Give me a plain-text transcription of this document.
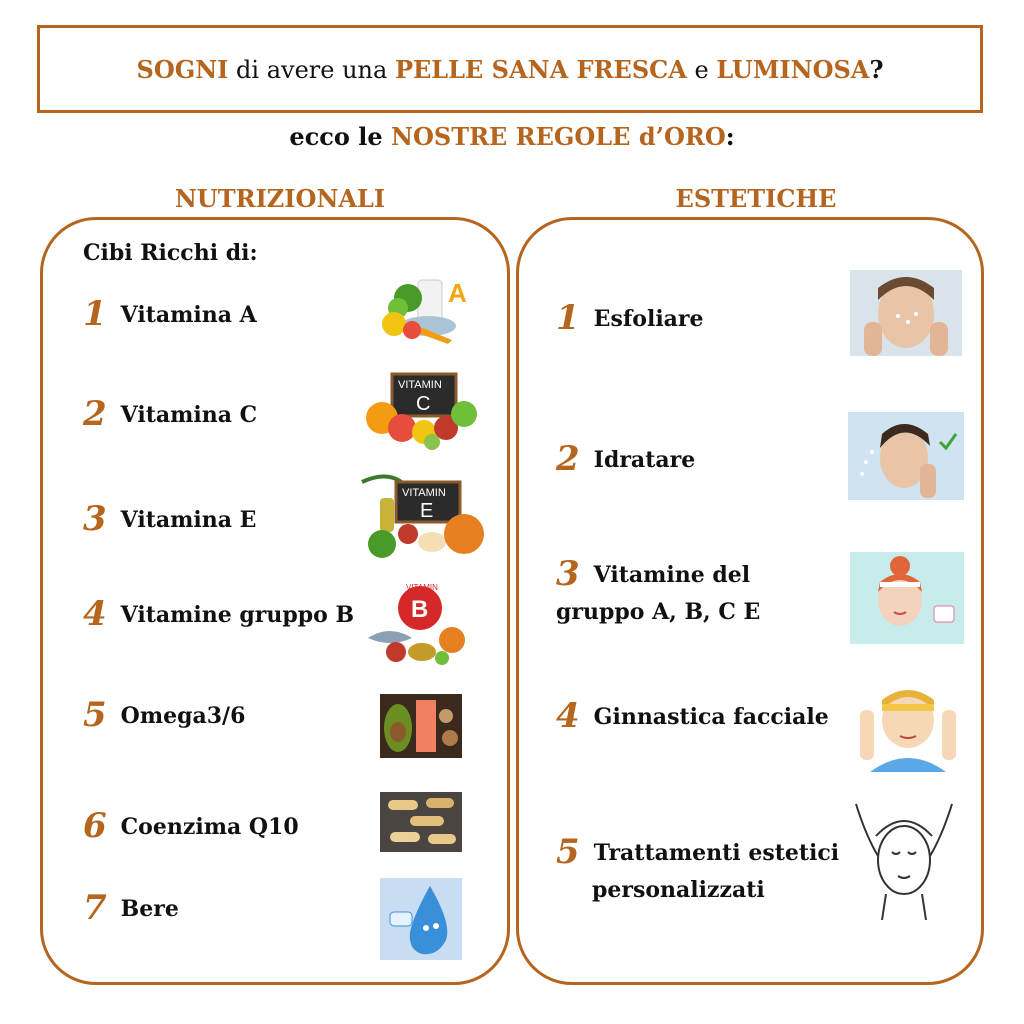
SOGNI di avere una PELLE SANA FRESCA e LUMINOSA?
ecco le NOSTRE REGOLE d’ORO:
NUTRIZIONALI	ESTETICHE
Cibi Ricchi di:
1 Vitamina A
2 Vitamina C
3 Vitamina E
4 Vitamine gruppo B
5 Omega3/6
6 Coenzima Q10
7 Bere
A
VITAMIN
C
VITAMIN
E
VITAMIN
B
1 Esfoliare
2 Idratare
3 Vitamine del
gruppo A, B, C E
4 Ginnastica facciale
5 Trattamenti estetici
personalizzati
